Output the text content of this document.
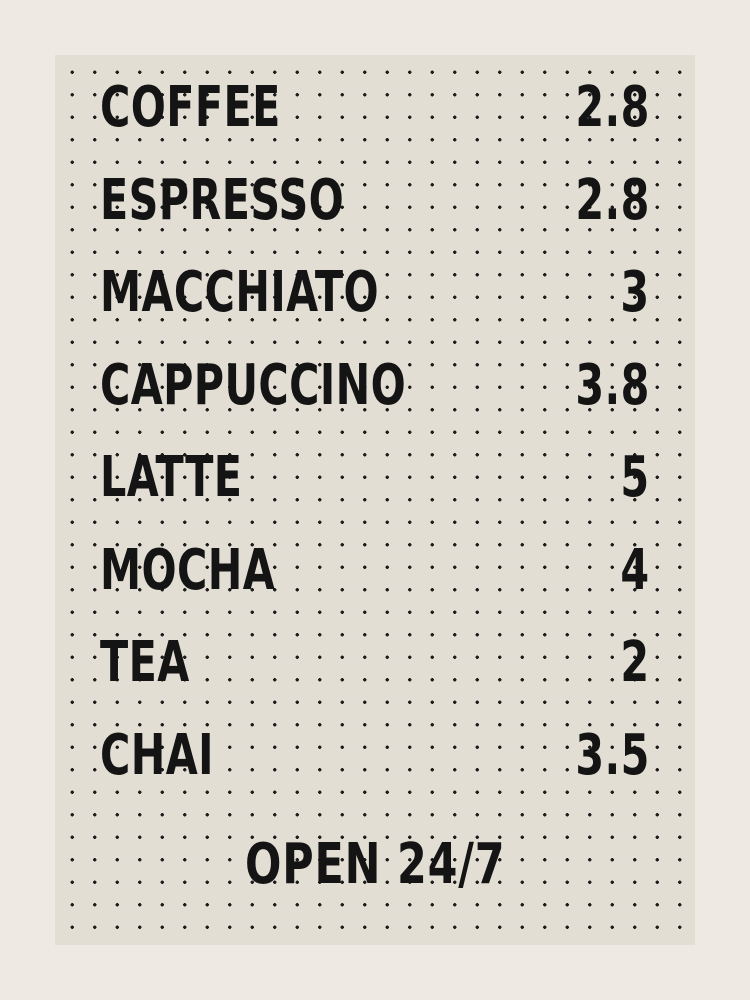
COFFEE	2.8
ESPRESSO	2.8
MACCHIATO	3
CAPPUCCINO	3.8
LATTE	5
MOCHA	4
TEA	2
CHAI	3.5
OPEN 24/7
